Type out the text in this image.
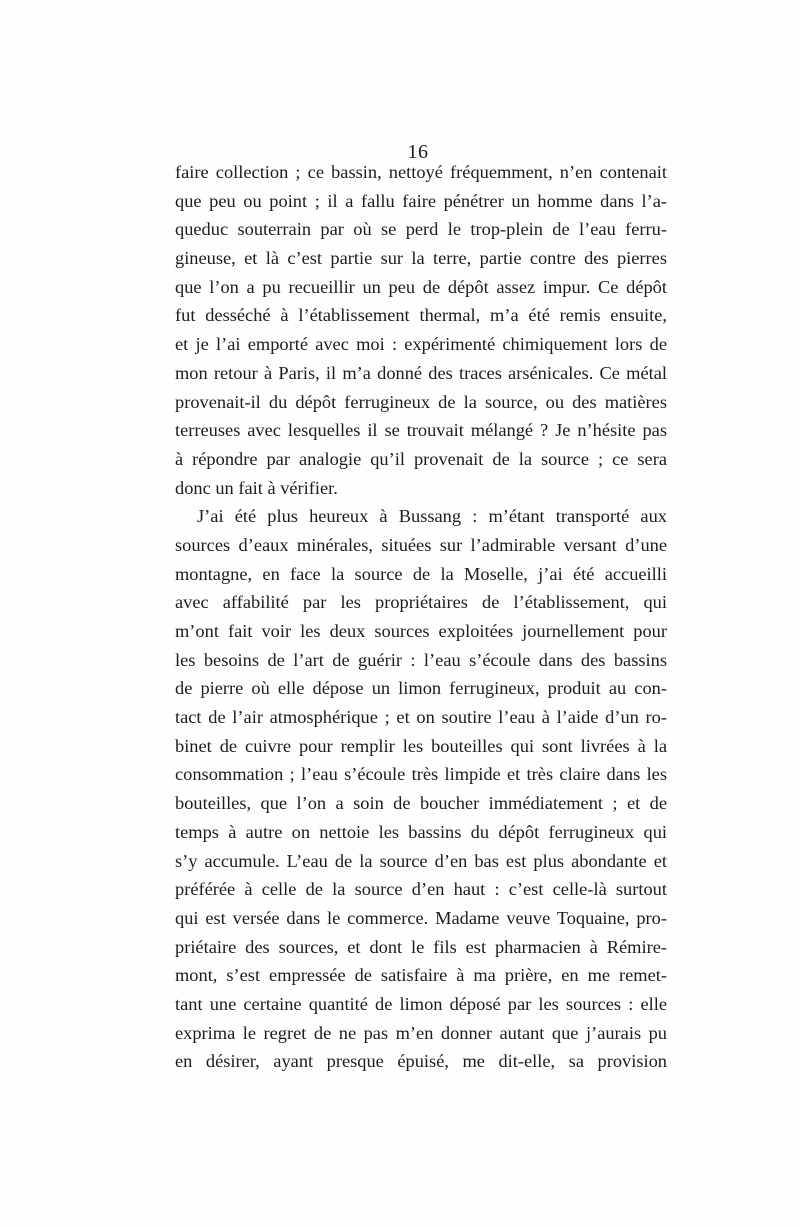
16
faire collection ; ce bassin, nettoyé fréquemment, n’en contenait
que peu ou point ; il a fallu faire pénétrer un homme dans l’a-
queduc souterrain par où se perd le trop-plein de l’eau ferru-
gineuse, et là c’est partie sur la terre, partie contre des pierres
que l’on a pu recueillir un peu de dépôt assez impur. Ce dépôt
fut desséché à l’établissement thermal, m’a été remis ensuite,
et je l’ai emporté avec moi : expérimenté chimiquement lors de
mon retour à Paris, il m’a donné des traces arsénicales. Ce métal
provenait-il du dépôt ferrugineux de la source, ou des matières
terreuses avec lesquelles il se trouvait mélangé ? Je n’hésite pas
à répondre par analogie qu’il provenait de la source ; ce sera
donc un fait à vérifier.
J’ai été plus heureux à Bussang : m’étant transporté aux
sources d’eaux minérales, situées sur l’admirable versant d’une
montagne, en face la source de la Moselle, j’ai été accueilli
avec affabilité par les propriétaires de l’établissement, qui
m’ont fait voir les deux sources exploitées journellement pour
les besoins de l’art de guérir : l’eau s’écoule dans des bassins
de pierre où elle dépose un limon ferrugineux, produit au con-
tact de l’air atmosphérique ; et on soutire l’eau à l’aide d’un ro-
binet de cuivre pour remplir les bouteilles qui sont livrées à la
consommation ; l’eau s’écoule très limpide et très claire dans les
bouteilles, que l’on a soin de boucher immédiatement ; et de
temps à autre on nettoie les bassins du dépôt ferrugineux qui
s’y accumule. L’eau de la source d’en bas est plus abondante et
préférée à celle de la source d’en haut : c’est celle-là surtout
qui est versée dans le commerce. Madame veuve Toquaine, pro-
priétaire des sources, et dont le fils est pharmacien à Rémire-
mont, s’est empressée de satisfaire à ma prière, en me remet-
tant une certaine quantité de limon déposé par les sources : elle
exprima le regret de ne pas m’en donner autant que j’aurais pu
en désirer, ayant presque épuisé, me dit-elle, sa provision
